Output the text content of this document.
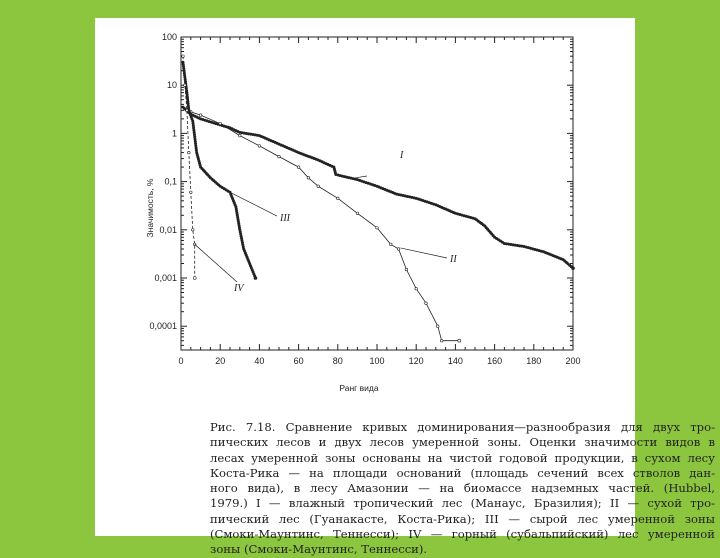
0	20	40	60	80	100	120	140	160	180	200
100
10
1
0,1
0,01
0,001
0,0001
I
II
III
IV
Ранг вида
Значимость, %
Рис. 7.18. Сравнение кривых доминирования—разнообразия для двух тро-
пических лесов и двух лесов умеренной зоны. Оценки значимости видов в
лесах умеренной зоны основаны на чистой годовой продукции, в сухом лесу
Коста-Рика — на площади оснований (площадь сечений всех стволов дан-
ного вида), в лесу Амазонии — на биомассе надземных частей. (Hubbel,
1979.) I — влажный тропический лес (Манаус, Бразилия); II — сухой тро-
пический лес (Гуанакасте, Коста-Рика); III — сырой лес умеренной зоны
(Смоки-Маунтинс, Теннесси); IV — горный (субальпийский) лес умеренной
зоны (Смоки-Маунтинс, Теннесси).
